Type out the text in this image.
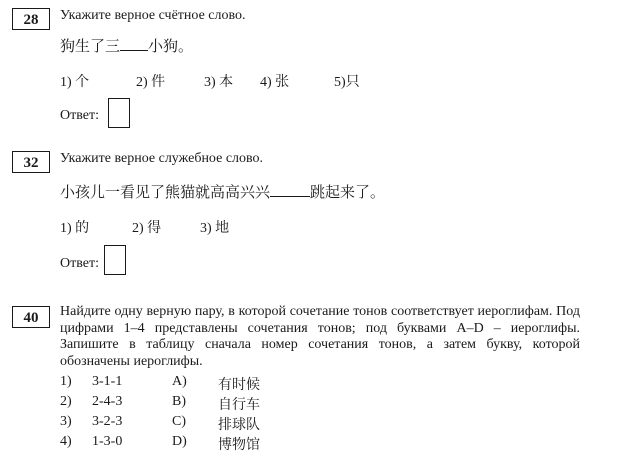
28	Укажите верное счётное слово.
狗生了三 小狗。
1) 个	2) 件	3) 本 4) 张	5)只
Ответ:
32	Укажите верное служебное слово.
小孩儿一看见了熊猫就高高兴兴	跳起来了。
1) 的	2) 得	3) 地
Ответ:
40	Найдите одну верную пару, в которой сочетание тонов соответствует иероглифам. Под цифрами 1–4 представлены сочетания тонов; под буквами A–D – иероглифы. Запишите в таблицу сначала номер сочетания тонов, а затем букву, которой обозначены иероглифы.
1) 3-1-1	A) 有时候
2) 2-4-3	B) 自行车
3) 3-2-3	C) 排球队
4) 1-3-0	D) 博物馆
